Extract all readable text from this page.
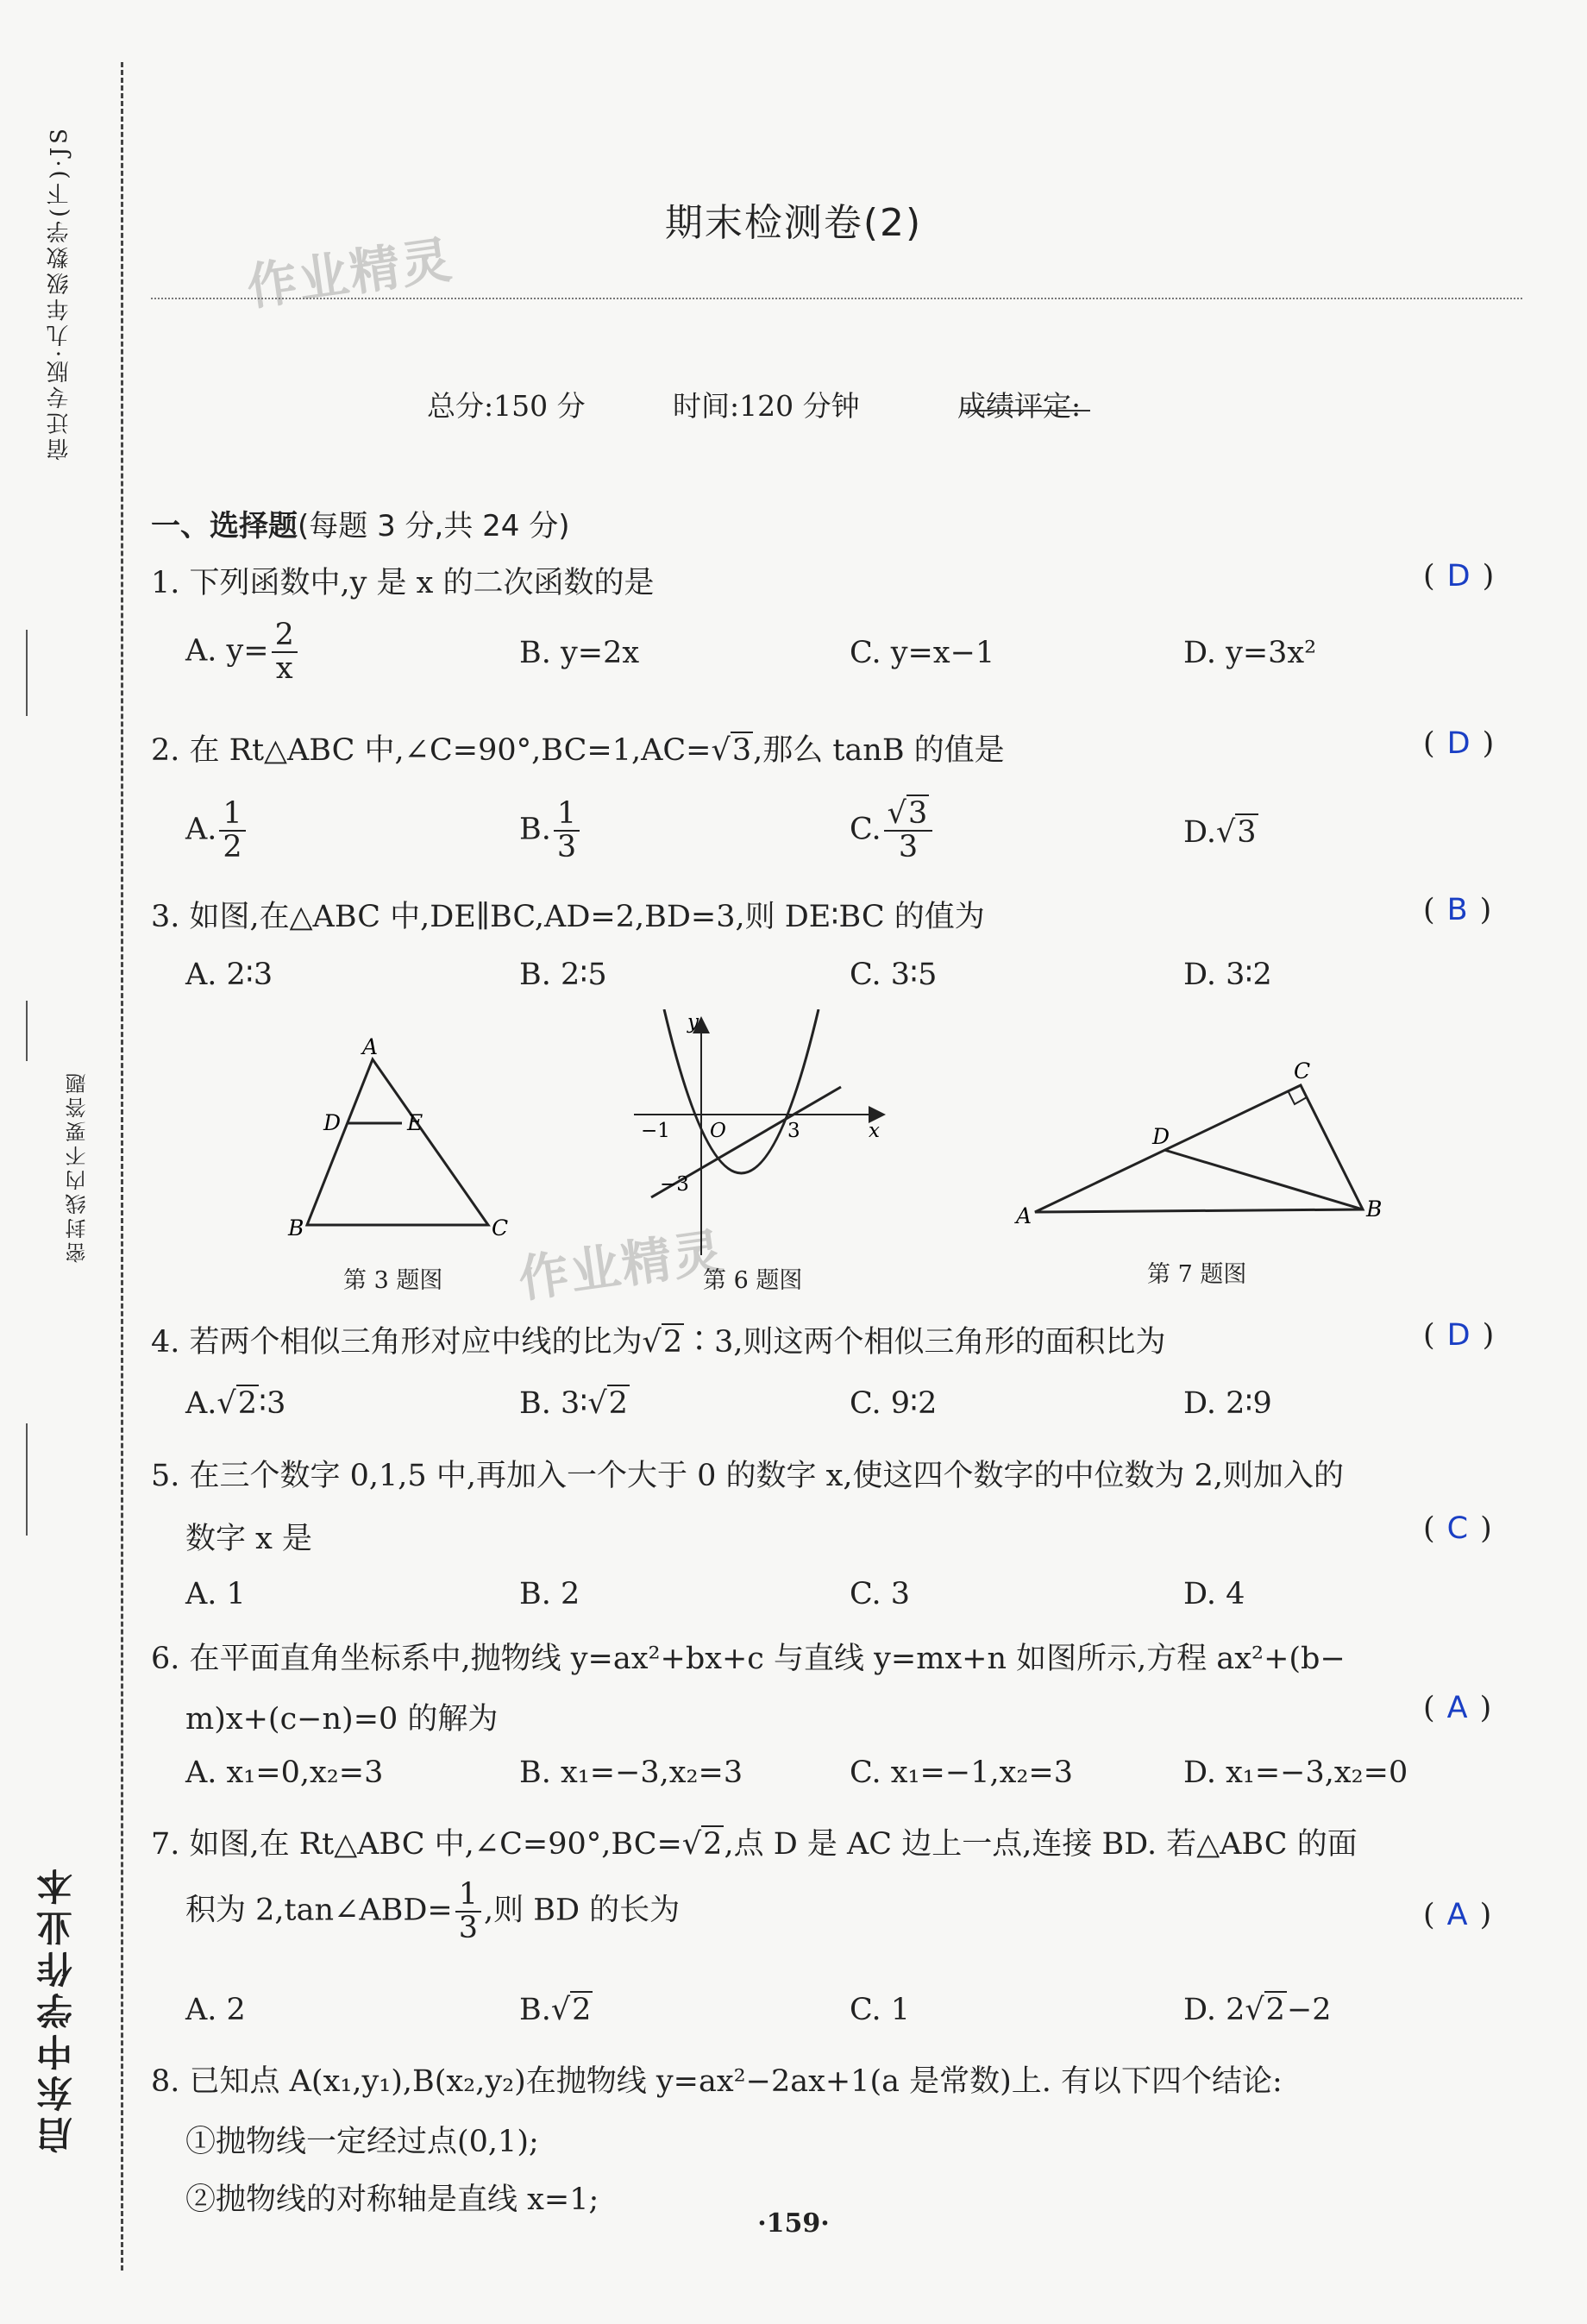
宿迁专版·九年级数学(下)·JS
密封线内不要答题
启东中学作业本
作业精灵
作业精灵
期末检测卷(2)
总分:150 分	时间:120 分钟	成绩评定:
一、选择题(每题 3 分,共 24 分)
1. 下列函数中,y 是 x 的二次函数的是	( D )
A. $y= \frac{2}{x}$	B. y=2x	C. y=x−1	D. y=3x²
2. 在 Rt△ABC 中,∠C=90°,BC=1,AC=√3,那么 tanB 的值是	( D )
A. $\frac{1}{2}$	B. $\frac{1}{3}$	C. $\frac{√3}{3}$	D.√3
3. 如图,在△ABC 中,DE∥BC,AD=2,BD=3,则 DE∶BC 的值为	( B )
A. 2∶3	B. 2∶5	C. 3∶5	D. 3∶2
A
D	E
B	C
第 3 题图
y
x
−1 O	3
−3
第 6 题图
A	B
C
D
第 7 题图
4. 若两个相似三角形对应中线的比为√2∶3,则这两个相似三角形的面积比为	( D )
A.√2∶3	B. 3∶√2	C. 9∶2	D. 2∶9
5. 在三个数字 0,1,5 中,再加入一个大于 0 的数字 x,使这四个数字的中位数为 2,则加入的
数字 x 是	( C )
A. 1	B. 2	C. 3	D. 4
6. 在平面直角坐标系中,抛物线 y=ax²+bx+c 与直线 y=mx+n 如图所示,方程 ax²+(b−
m)x+(c−n)=0 的解为	( A )
A. x₁=0,x₂=3	B. x₁=−3,x₂=3	C. x₁=−1,x₂=3	D. x₁=−3,x₂=0
7. 如图,在 Rt△ABC 中,∠C=90°,BC=√2,点 D 是 AC 边上一点,连接 BD. 若△ABC 的面
积为 2,tan∠ABD= $\frac{1}{3}$ ,则 BD 的长为	( A )
A. 2	B.√2	C. 1	D. 2√2−2
8. 已知点 A(x₁,y₁),B(x₂,y₂)在抛物线 y=ax²−2ax+1(a 是常数)上. 有以下四个结论:
①抛物线一定经过点(0,1);
②抛物线的对称轴是直线 x=1;
·159·
